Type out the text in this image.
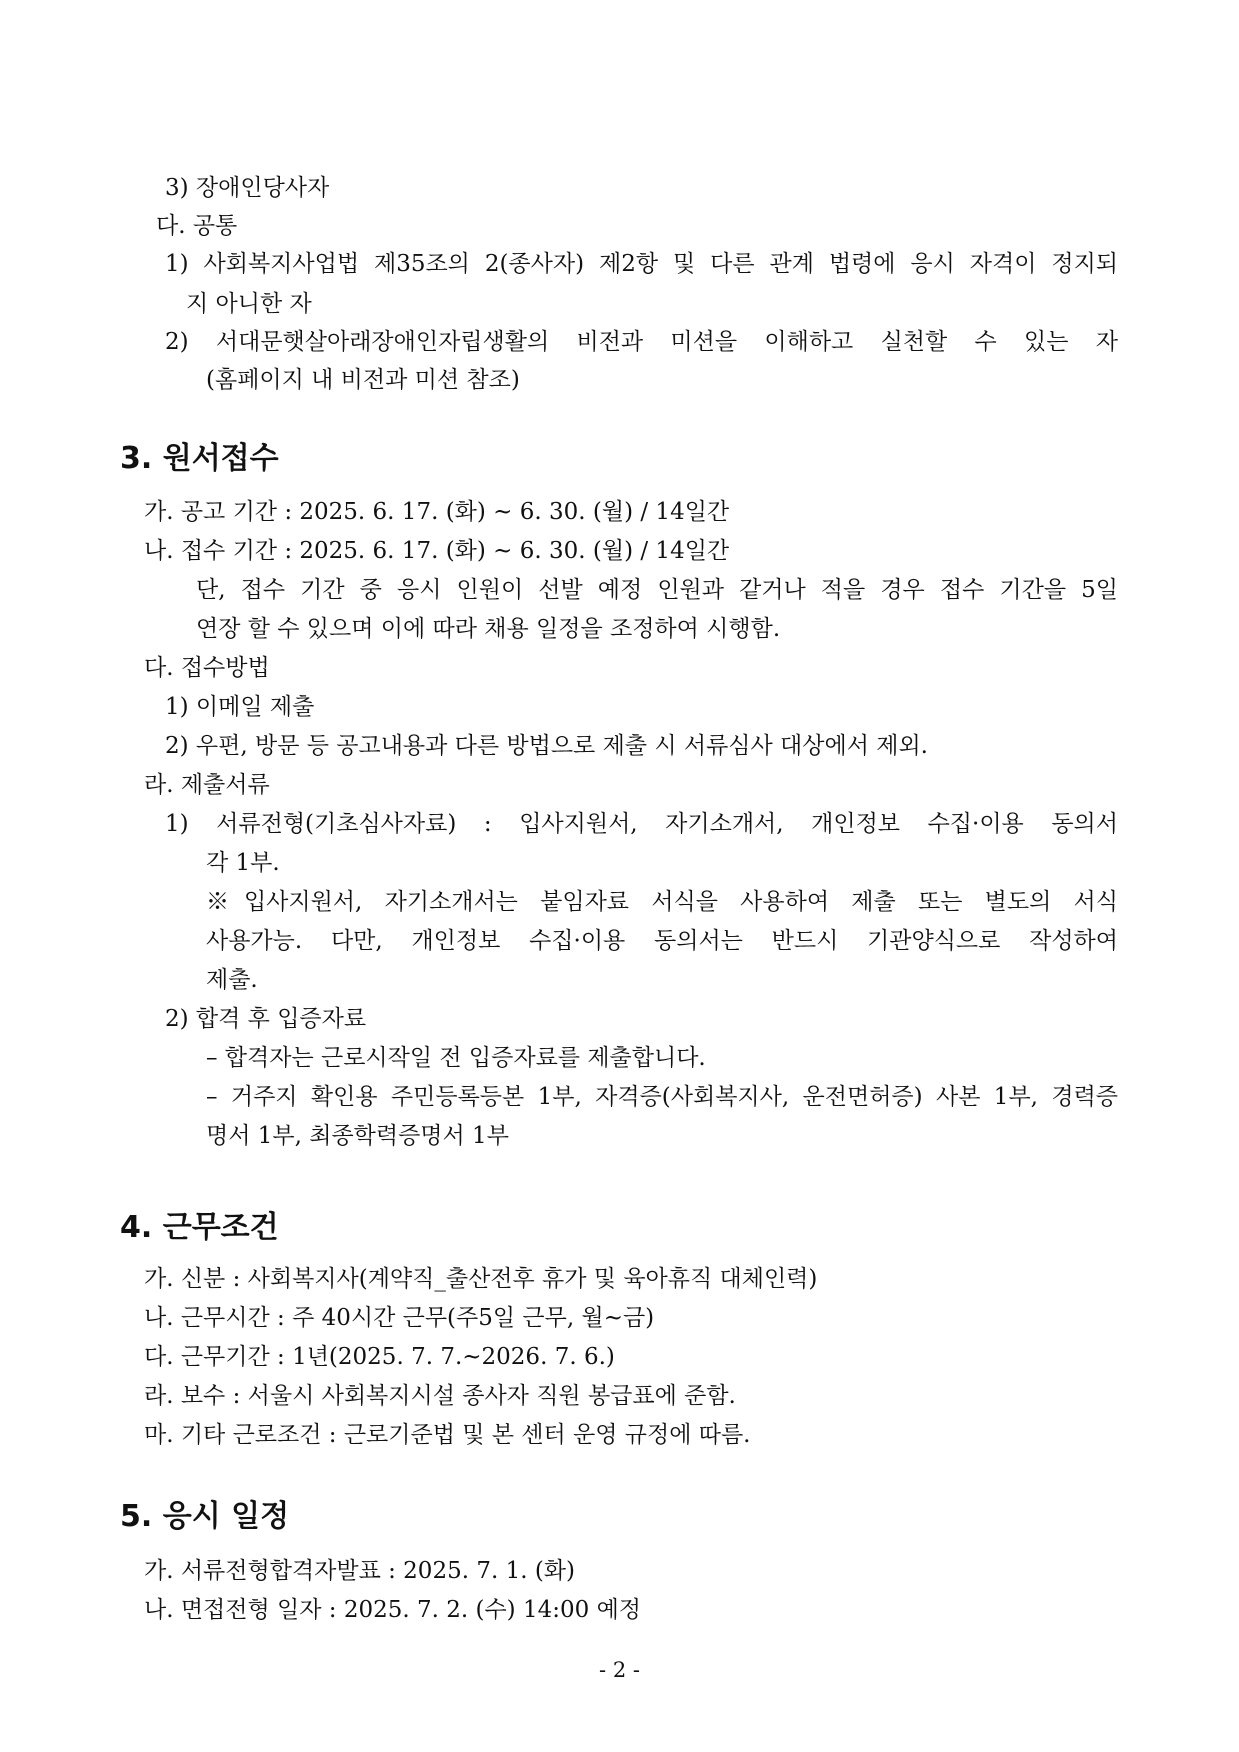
3) 장애인당사자
다. 공통
1) 사회복지사업법 제35조의 2(종사자) 제2항 및 다른 관계 법령에 응시 자격이 정지되
지 아니한 자
2) 서대문햇살아래장애인자립생활의 비전과 미션을 이해하고 실천할 수 있는 자
(홈페이지 내 비전과 미션 참조)
3. 원서접수
가. 공고 기간 : 2025. 6. 17. (화) ~ 6. 30. (월) / 14일간
나. 접수 기간 : 2025. 6. 17. (화) ~ 6. 30. (월) / 14일간
단, 접수 기간 중 응시 인원이 선발 예정 인원과 같거나 적을 경우 접수 기간을 5일
연장 할 수 있으며 이에 따라 채용 일정을 조정하여 시행함.
다. 접수방법
1) 이메일 제출
2) 우편, 방문 등 공고내용과 다른 방법으로 제출 시 서류심사 대상에서 제외.
라. 제출서류
1) 서류전형(기초심사자료) : 입사지원서, 자기소개서, 개인정보 수집·이용 동의서
각 1부.
※입사지원서, 자기소개서는 붙임자료 서식을 사용하여 제출 또는 별도의 서식
사용가능. 다만, 개인정보 수집·이용 동의서는 반드시 기관양식으로 작성하여
제출.
2) 합격 후 입증자료
– 합격자는 근로시작일 전 입증자료를 제출합니다.
– 거주지 확인용 주민등록등본 1부, 자격증(사회복지사, 운전면허증) 사본 1부, 경력증
명서 1부, 최종학력증명서 1부
4. 근무조건
가. 신분 : 사회복지사(계약직_출산전후 휴가 및 육아휴직 대체인력)
나. 근무시간 : 주 40시간 근무(주5일 근무, 월~금)
다. 근무기간 : 1년(2025. 7. 7.~2026. 7. 6.)
라. 보수 : 서울시 사회복지시설 종사자 직원 봉급표에 준함.
마. 기타 근로조건 : 근로기준법 및 본 센터 운영 규정에 따름.
5. 응시 일정
가. 서류전형합격자발표 : 2025. 7. 1. (화)
나. 면접전형 일자 : 2025. 7. 2. (수) 14:00 예정
- 2 -
